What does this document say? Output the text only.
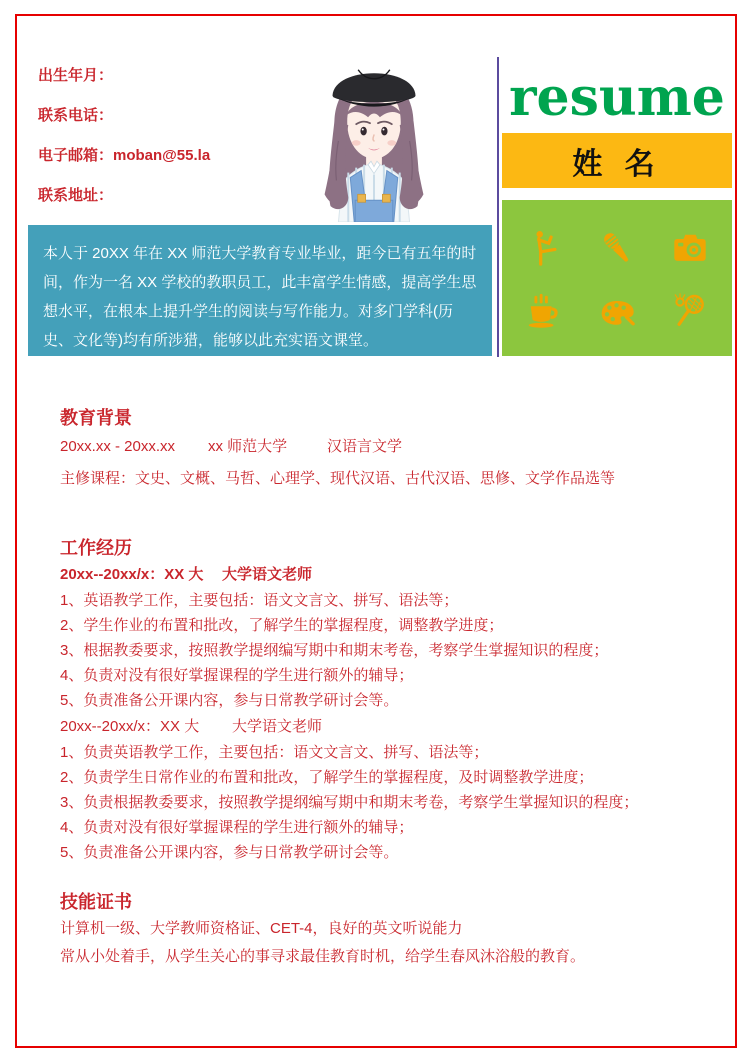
出生年月：
联系电话：
电子邮箱：moban@55.la
联系地址：
resume
姓 名

本人于 20XX 年在 XX 师范大学教育专业毕业，距今已有五年的时间，作为一名 XX 学校的教职员工，此丰富学生情感，提高学生思想水平，在根本上提升学生的阅读与写作能力。对多门学科(历史、文化等)均有所涉猎，能够以此充实语文课堂。

教育背景
20xx.xx - 20xx.xx xx 师范大学	汉语言文学
主修课程：文史、文概、马哲、心理学、现代汉语、古代汉语、思修、文学作品选等
工作经历
20xx--20xx/x：XX 大 大学语文老师
1、英语教学工作，主要包括：语文文言文、拼写、语法等；
2、学生作业的布置和批改，了解学生的掌握程度，调整教学进度；
3、根据教委要求，按照教学提纲编写期中和期末考卷，考察学生掌握知识的程度；
4、负责对没有很好掌握课程的学生进行额外的辅导；
5、负责准备公开课内容，参与日常教学研讨会等。
20xx--20xx/x：XX 大 大学语文老师
1、负责英语教学工作，主要包括：语文文言文、拼写、语法等；
2、负责学生日常作业的布置和批改，了解学生的掌握程度，及时调整教学进度；
3、负责根据教委要求，按照教学提纲编写期中和期末考卷，考察学生掌握知识的程度；
4、负责对没有很好掌握课程的学生进行额外的辅导；
5、负责准备公开课内容，参与日常教学研讨会等。
技能证书
计算机一级、大学教师资格证、CET-4，良好的英文听说能力
常从小处着手，从学生关心的事寻求最佳教育时机，给学生春风沐浴般的教育。
